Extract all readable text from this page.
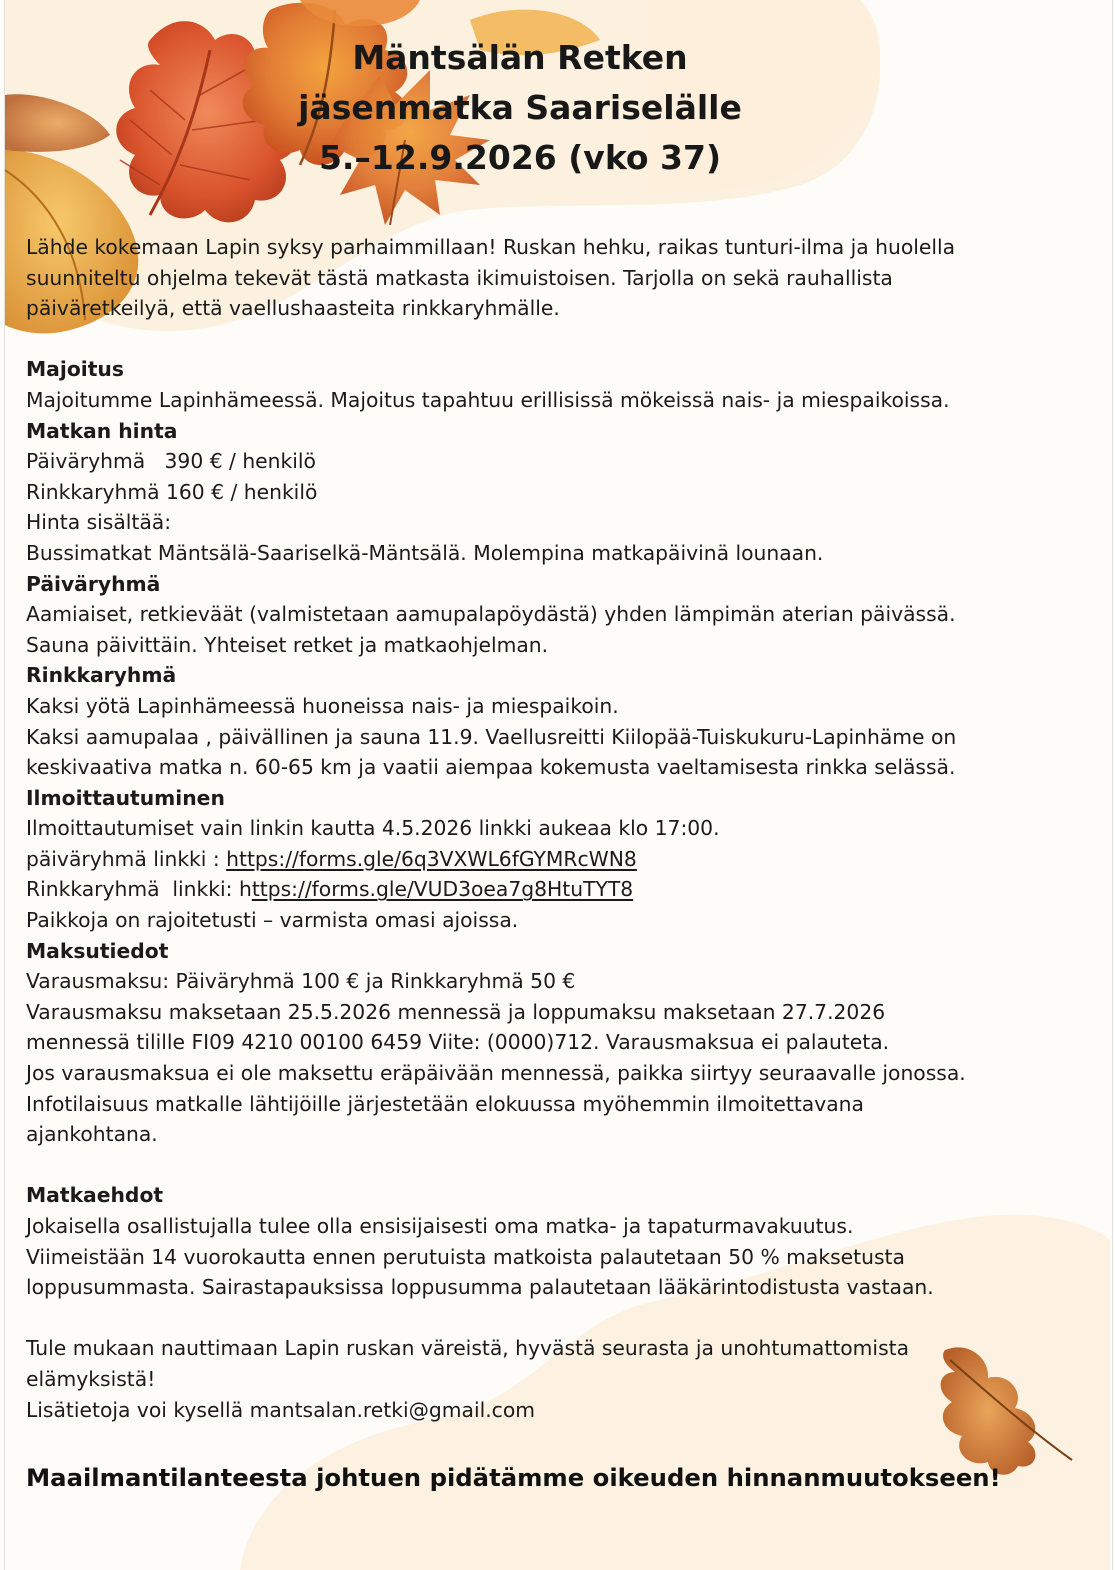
Mäntsälän Retken
jäsenmatka Saariselälle
5.–12.9.2026 (vko 37)
Lähde kokemaan Lapin syksy parhaimmillaan! Ruskan hehku, raikas tunturi-ilma ja huolella
suunniteltu ohjelma tekevät tästä matkasta ikimuistoisen. Tarjolla on sekä rauhallista
päiväretkeilyä, että vaellushaasteita rinkkaryhmälle.
Majoitus
Majoitumme Lapinhämeessä. Majoitus tapahtuu erillisissä mökeissä nais- ja miespaikoissa.
Matkan hinta
Päiväryhmä   390 € / henkilö
Rinkkaryhmä 160 € / henkilö
Hinta sisältää:
Bussimatkat Mäntsälä-Saariselkä-Mäntsälä. Molempina matkapäivinä lounaan.
Päiväryhmä
Aamiaiset, retkieväät (valmistetaan aamupalapöydästä) yhden lämpimän aterian päivässä.
Sauna päivittäin. Yhteiset retket ja matkaohjelman.
Rinkkaryhmä
Kaksi yötä Lapinhämeessä huoneissa nais- ja miespaikoin.
Kaksi aamupalaa , päivällinen ja sauna 11.9. Vaellusreitti Kiilopää-Tuiskukuru-Lapinhäme on
keskivaativa matka n. 60-65 km ja vaatii aiempaa kokemusta vaeltamisesta rinkka selässä.
Ilmoittautuminen
Ilmoittautumiset vain linkin kautta 4.5.2026 linkki aukeaa klo 17:00.
päiväryhmä linkki : https://forms.gle/6q3VXWL6fGYMRcWN8
Rinkkaryhmä  linkki: https://forms.gle/VUD3oea7g8HtuTYT8
Paikkoja on rajoitetusti – varmista omasi ajoissa.
Maksutiedot
Varausmaksu: Päiväryhmä 100 € ja Rinkkaryhmä 50 €
Varausmaksu maksetaan 25.5.2026 mennessä ja loppumaksu maksetaan 27.7.2026
mennessä tilille FI09 4210 00100 6459 Viite: (0000)712. Varausmaksua ei palauteta.
Jos varausmaksua ei ole maksettu eräpäivään mennessä, paikka siirtyy seuraavalle jonossa.
Infotilaisuus matkalle lähtijöille järjestetään elokuussa myöhemmin ilmoitettavana
ajankohtana.
Matkaehdot
Jokaisella osallistujalla tulee olla ensisijaisesti oma matka- ja tapaturmavakuutus.
Viimeistään 14 vuorokautta ennen perutuista matkoista palautetaan 50 % maksetusta
loppusummasta. Sairastapauksissa loppusumma palautetaan lääkärintodistusta vastaan.
Tule mukaan nauttimaan Lapin ruskan väreistä, hyvästä seurasta ja unohtumattomista
elämyksistä!
Lisätietoja voi kysellä mantsalan.retki@gmail.com
Maailmantilanteesta johtuen pidätämme oikeuden hinnanmuutokseen!
